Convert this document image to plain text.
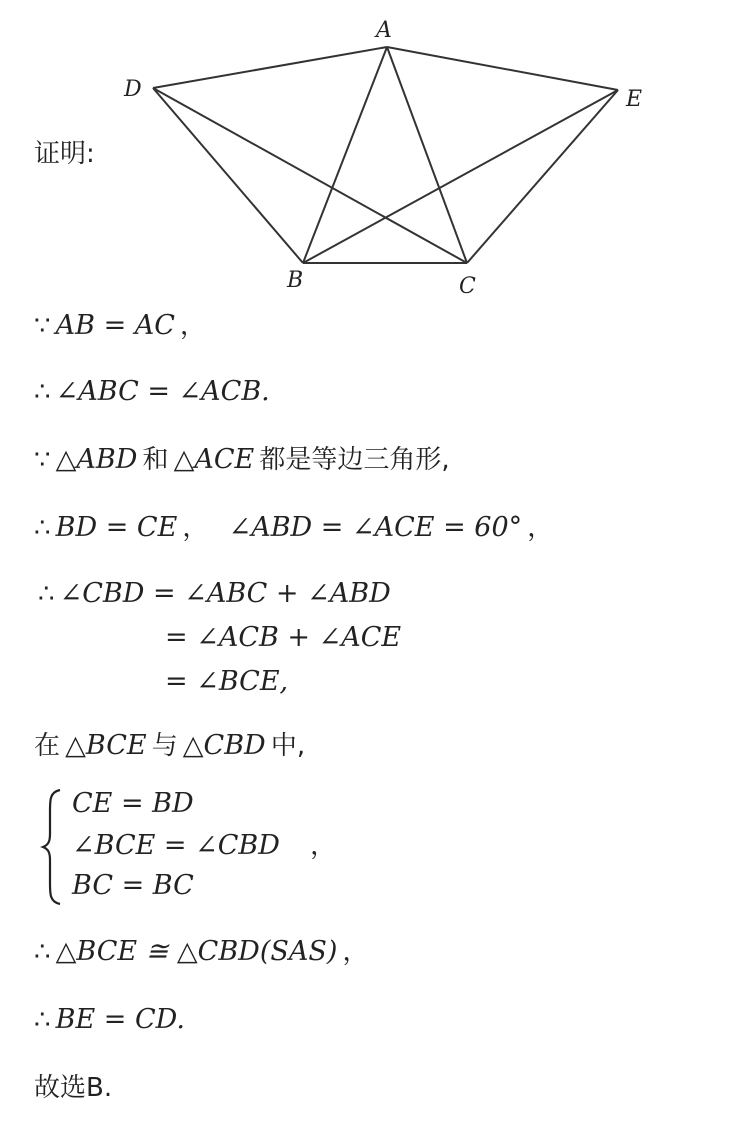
证明:
A
D	E
B	C
∵ AB = AC ，
∴ ∠ABC = ∠ACB.
∵ △ABD 和 △ACE 都是等边三角形,
∴ BD = CE ， ∠ABD = ∠ACE = 60° ，
∴ ∠CBD = ∠ABC + ∠ABD
= ∠ACB + ∠ACE
= ∠BCE,
在 △BCE 与 △CBD 中,
CE = BD
∠BCE = ∠CBD ，
BC = BC
∴ △BCE ≅ △CBD(SAS) ，
∴ BE = CD.
故选B.
